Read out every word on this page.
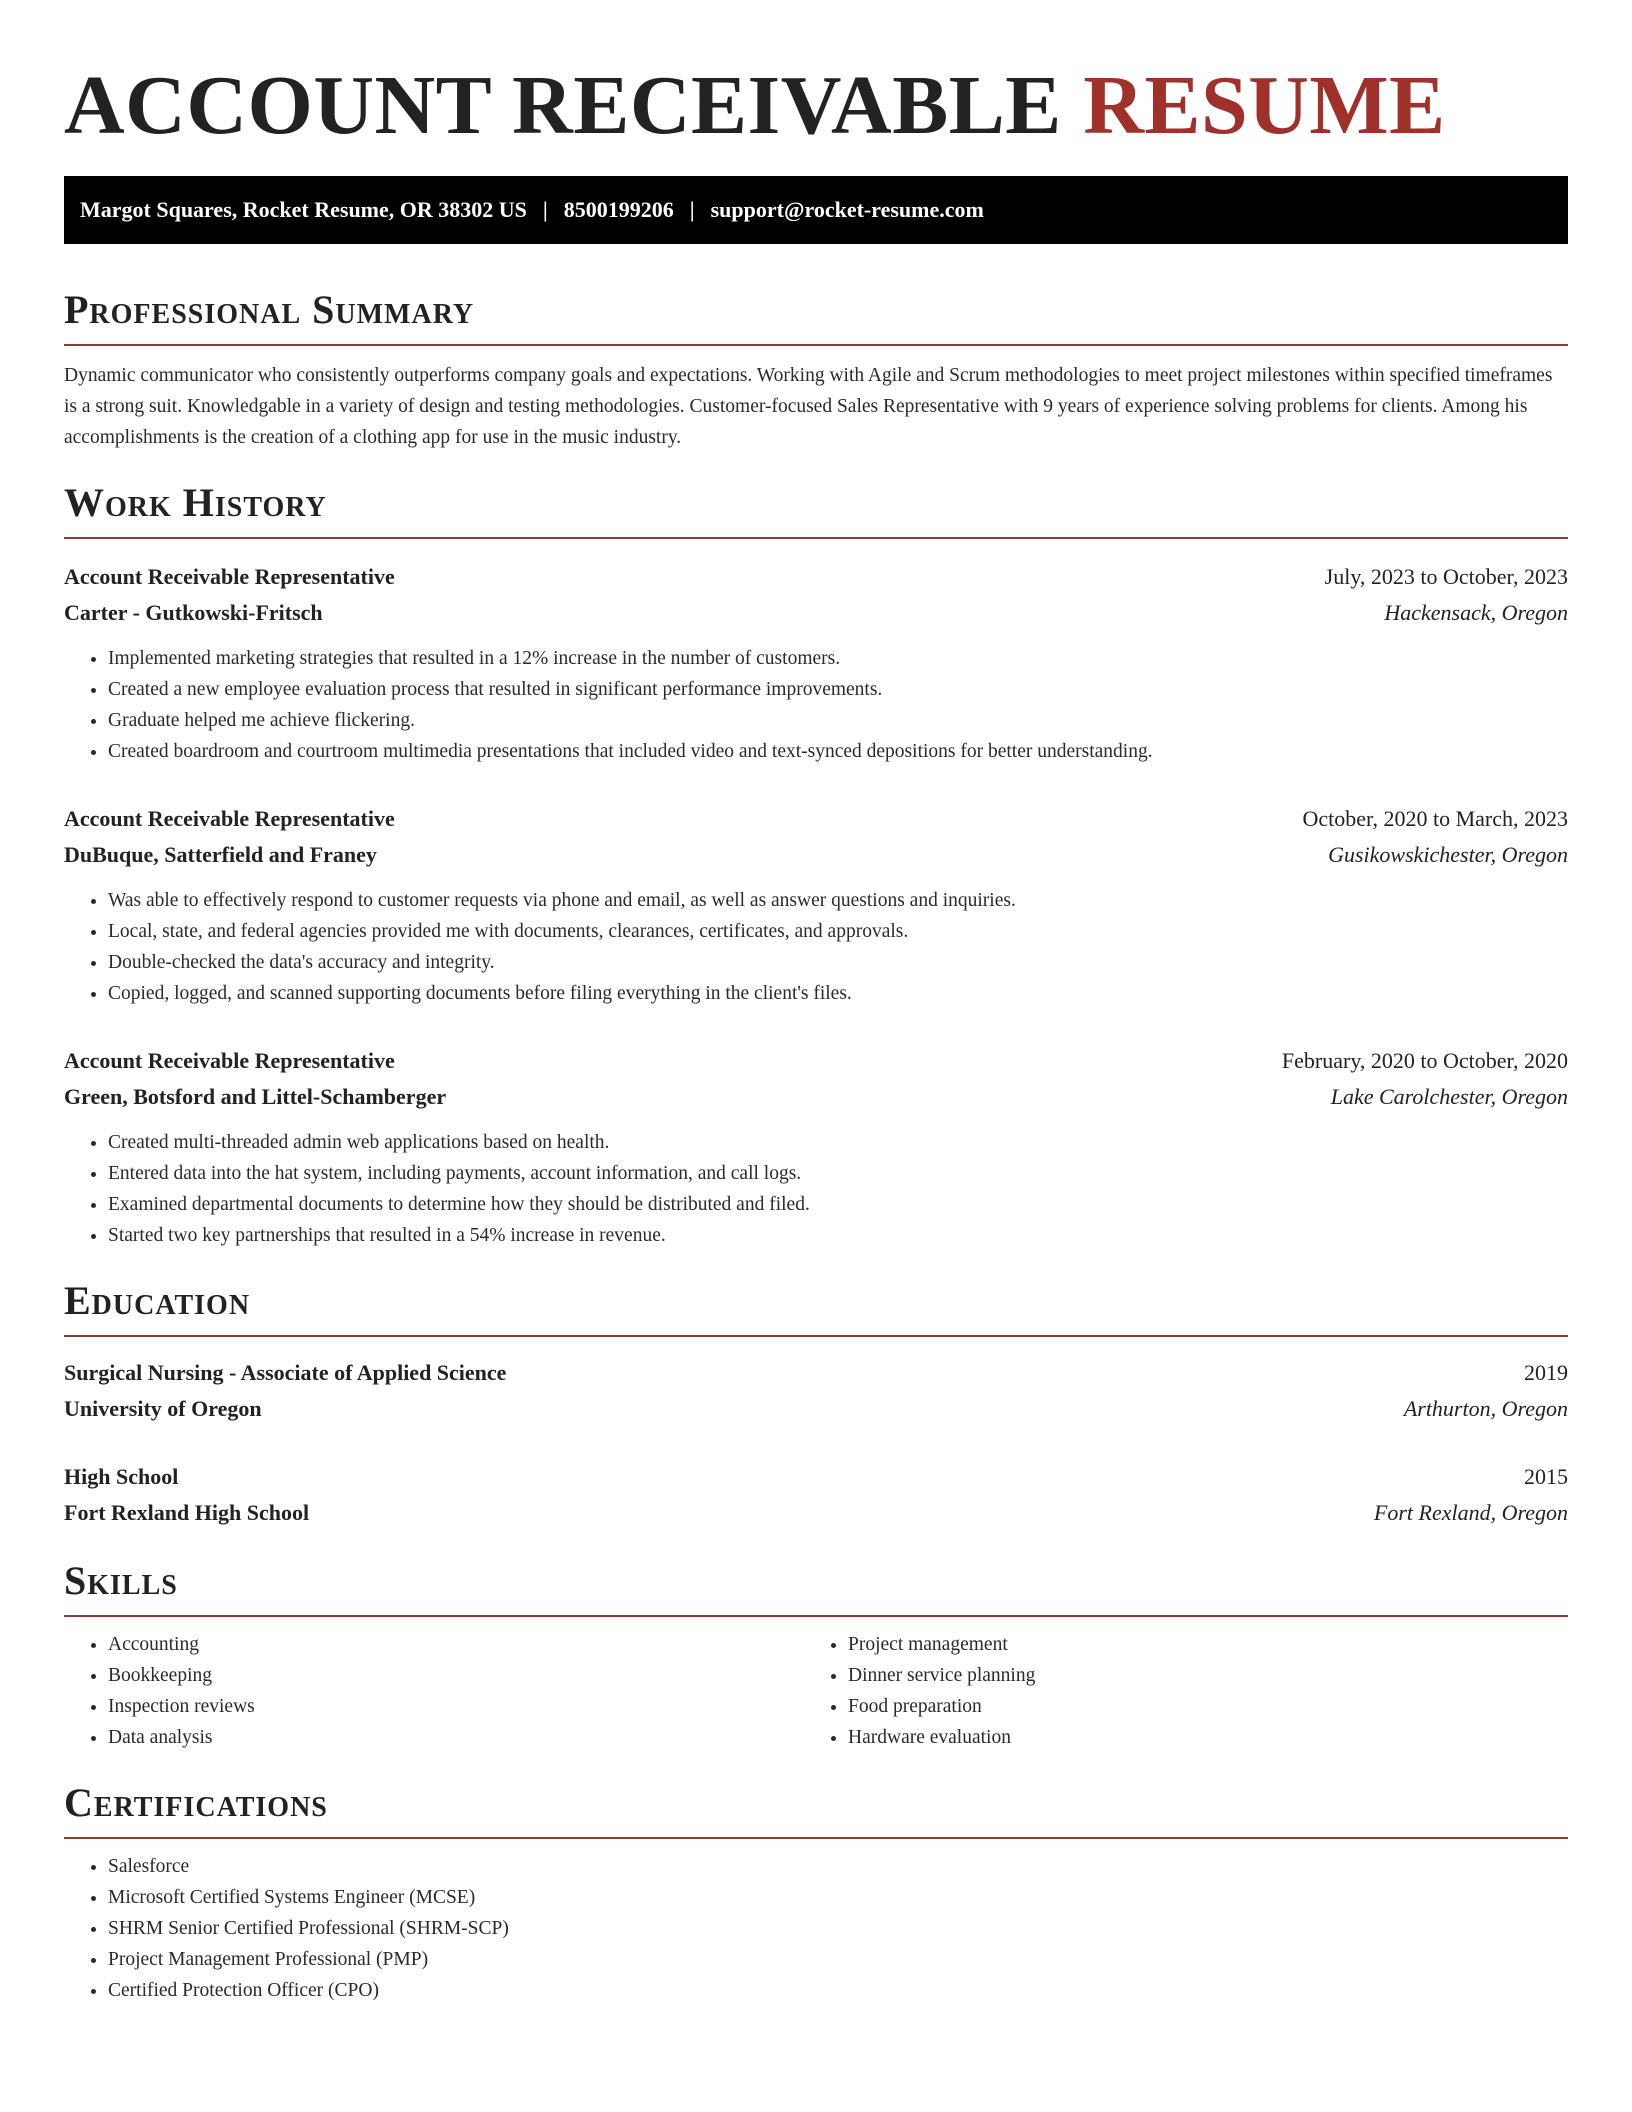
ACCOUNT RECEIVABLE RESUME
Margot Squares, Rocket Resume, OR 38302 US | 8500199206 | support@rocket-resume.com
Professional Summary

Dynamic communicator who consistently outperforms company goals and expectations. Working with Agile and Scrum methodologies to meet project milestones within specified timeframes is a strong suit. Knowledgable in a variety of design and testing methodologies. Customer-focused Sales Representative with 9 years of experience solving problems for clients. Among his accomplishments is the creation of a clothing app for use in the music industry.

Work History
Account Receivable Representative	July, 2023 to October, 2023
Carter - Gutkowski-Fritsch	Hackensack, Oregon
• Implemented marketing strategies that resulted in a 12% increase in the number of customers.
• Created a new employee evaluation process that resulted in significant performance improvements.
• Graduate helped me achieve flickering.
• Created boardroom and courtroom multimedia presentations that included video and text-synced depositions for better understanding.
Account Receivable Representative	October, 2020 to March, 2023
DuBuque, Satterfield and Franey	Gusikowskichester, Oregon
• Was able to effectively respond to customer requests via phone and email, as well as answer questions and inquiries.
• Local, state, and federal agencies provided me with documents, clearances, certificates, and approvals.
• Double-checked the data's accuracy and integrity.
• Copied, logged, and scanned supporting documents before filing everything in the client's files.
Account Receivable Representative	February, 2020 to October, 2020
Green, Botsford and Littel-Schamberger	Lake Carolchester, Oregon
• Created multi-threaded admin web applications based on health.
• Entered data into the hat system, including payments, account information, and call logs.
• Examined departmental documents to determine how they should be distributed and filed.
• Started two key partnerships that resulted in a 54% increase in revenue.
Education
Surgical Nursing - Associate of Applied Science	2019
University of Oregon	Arthurton, Oregon
High School	2015
Fort Rexland High School	Fort Rexland, Oregon
Skills
• Accounting
• Bookkeeping
• Inspection reviews
• Data analysis
• Project management
• Dinner service planning
• Food preparation
• Hardware evaluation
Certifications
• Salesforce
• Microsoft Certified Systems Engineer (MCSE)
• SHRM Senior Certified Professional (SHRM-SCP)
• Project Management Professional (PMP)
• Certified Protection Officer (CPO)
